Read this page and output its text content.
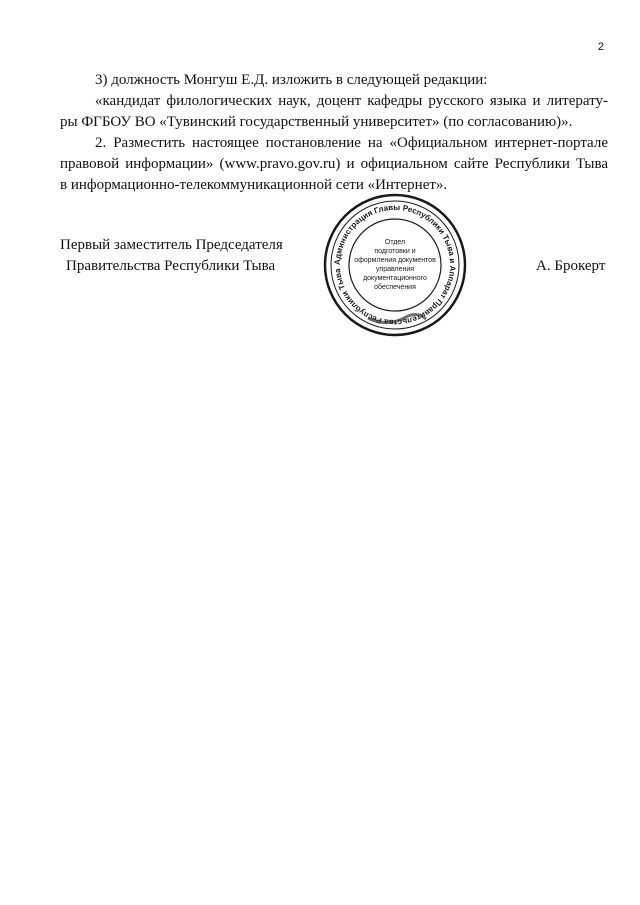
2
3) должность Монгуш Е.Д. изложить в следующей редакции:
«кандидат филологических наук, доцент кафедры русского языка и литерату-
ры ФГБОУ ВО «Тувинский государственный университет» (по согласованию)».
2. Разместить настоящее постановление на «Официальном интернет-портале
правовой информации» (www.pravo.gov.ru) и официальном сайте Республики Тыва
в информационно-телекоммуникационной сети «Интернет».
Первый заместитель Председателя
Правительства Республики Тыва	А. Брокерт
Администрация Главы Республики Тыва и Аппарат Правительства Республики Тыва
Отдел
подготовки и
оформления документов
управления
документационного
обеспечения
